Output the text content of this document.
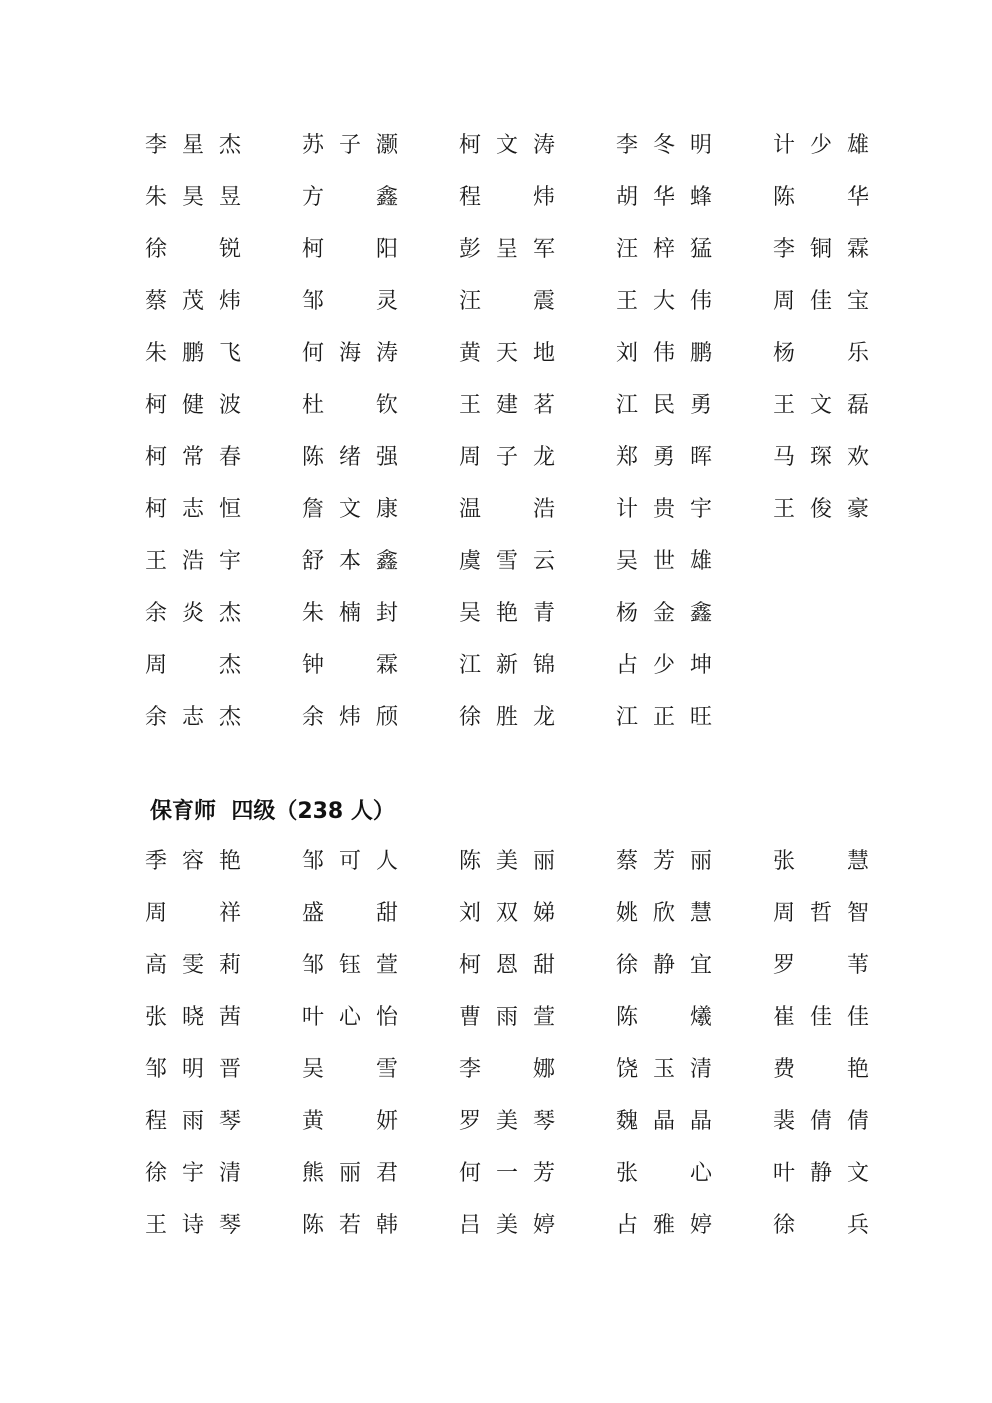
李 星 杰	苏 子 灏	柯 文 涛	李 冬 明	计 少 雄
朱 昊 昱	方 鑫	程 炜	胡 华 蜂	陈 华
徐 锐	柯 阳	彭 呈 军	汪 梓 猛	李 铜 霖
蔡 茂 炜	邹 灵	汪 震	王 大 伟	周 佳 宝
朱 鹏 飞	何 海 涛	黄 天 地	刘 伟 鹏	杨 乐
柯 健 波	杜 钦	王 建 茗	江 民 勇	王 文 磊
柯 常 春	陈 绪 强	周 子 龙	郑 勇 晖	马 琛 欢
柯 志 恒	詹 文 康	温 浩	计 贵 宇	王 俊 豪
王 浩 宇	舒 本 鑫	虞 雪 云	吴 世 雄
余 炎 杰	朱 楠 封	吴 艳 青	杨 金 鑫
周 杰	钟 霖	江 新 锦	占 少 坤
余 志 杰	余 炜 颀	徐 胜 龙	江 正 旺
保育师  四级（238 人）
季 容 艳	邹 可 人	陈 美 丽	蔡 芳 丽	张 慧
周 祥	盛 甜	刘 双 娣	姚 欣 慧	周 哲 智
高 雯 莉	邹 钰 萱	柯 恩 甜	徐 静 宜	罗 苇
张 晓 茜	叶 心 怡	曹 雨 萱	陈 爔	崔 佳 佳
邹 明 晋	吴 雪	李 娜	饶 玉 清	费 艳
程 雨 琴	黄 妍	罗 美 琴	魏 晶 晶	裴 倩 倩
徐 宇 清	熊 丽 君	何 一 芳	张 心	叶 静 文
王 诗 琴	陈 若 韩	吕 美 婷	占 雅 婷	徐 兵
